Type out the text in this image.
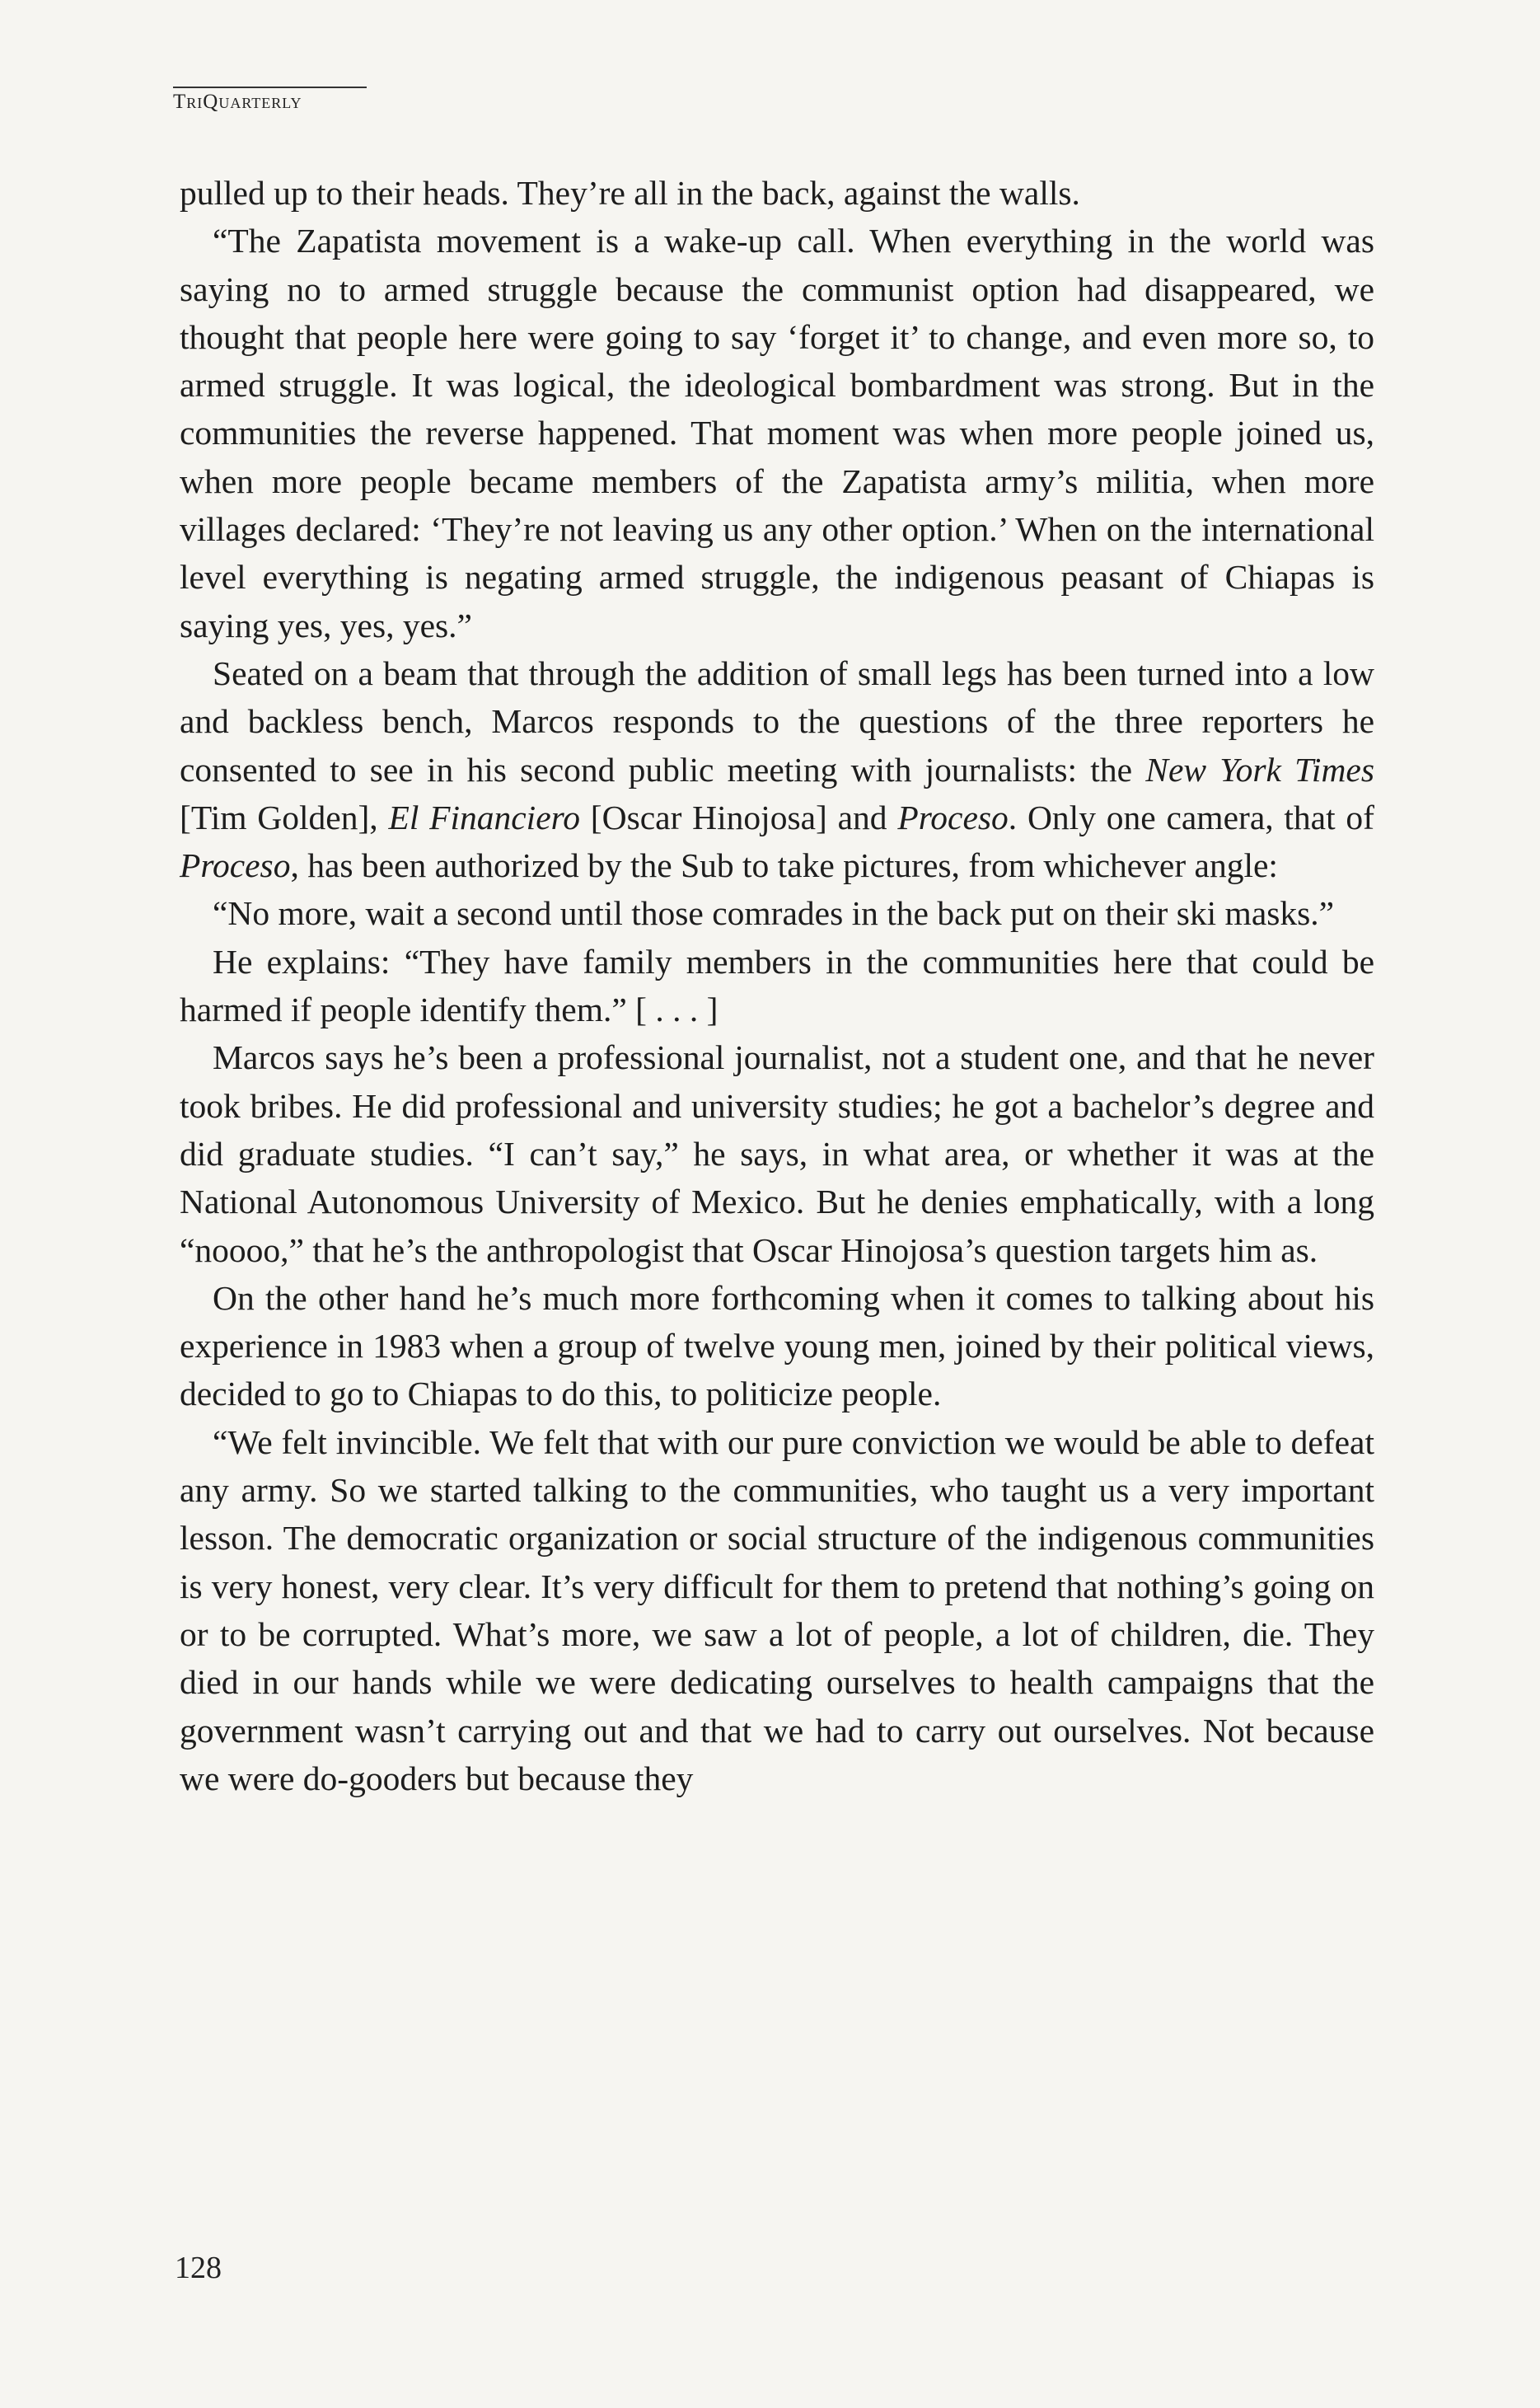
TriQuarterly

pulled up to their heads. They’re all in the back, against the walls.

“The Zapatista movement is a wake-up call. When everything in the world was saying no to armed struggle because the communist option had disappeared, we thought that people here were going to say ‘forget it’ to change, and even more so, to armed struggle. It was logical, the ideological bombardment was strong. But in the communities the reverse happened. That moment was when more people joined us, when more people became members of the Zapatista army’s militia, when more villages declared: ‘They’re not leaving us any other option.’ When on the international level everything is negating armed struggle, the indigenous peasant of Chiapas is saying yes, yes, yes.”

Seated on a beam that through the addition of small legs has been turned into a low and backless bench, Marcos responds to the questions of the three reporters he consented to see in his second public meeting with journalists: the New York Times [Tim Golden], El Financiero [Oscar Hinojosa] and Proceso. Only one camera, that of Proceso, has been authorized by the Sub to take pictures, from whichever angle:

“No more, wait a second until those comrades in the back put on their ski masks.”

He explains: “They have family members in the communities here that could be harmed if people identify them.” [ . . . ]

Marcos says he’s been a professional journalist, not a student one, and that he never took bribes. He did professional and university studies; he got a bachelor’s degree and did graduate studies. “I can’t say,” he says, in what area, or whether it was at the National Autonomous University of Mexico. But he denies emphatically, with a long “noooo,” that he’s the anthropologist that Oscar Hinojosa’s question targets him as.

On the other hand he’s much more forthcoming when it comes to talking about his experience in 1983 when a group of twelve young men, joined by their political views, decided to go to Chiapas to do this, to politicize people.

“We felt invincible. We felt that with our pure conviction we would be able to defeat any army. So we started talking to the communities, who taught us a very important lesson. The democratic organization or social structure of the indigenous communities is very honest, very clear. It’s very difficult for them to pretend that nothing’s going on or to be corrupted. What’s more, we saw a lot of people, a lot of children, die. They died in our hands while we were dedicating ourselves to health campaigns that the government wasn’t carrying out and that we had to carry out ourselves. Not because we were do-gooders but because they

128
